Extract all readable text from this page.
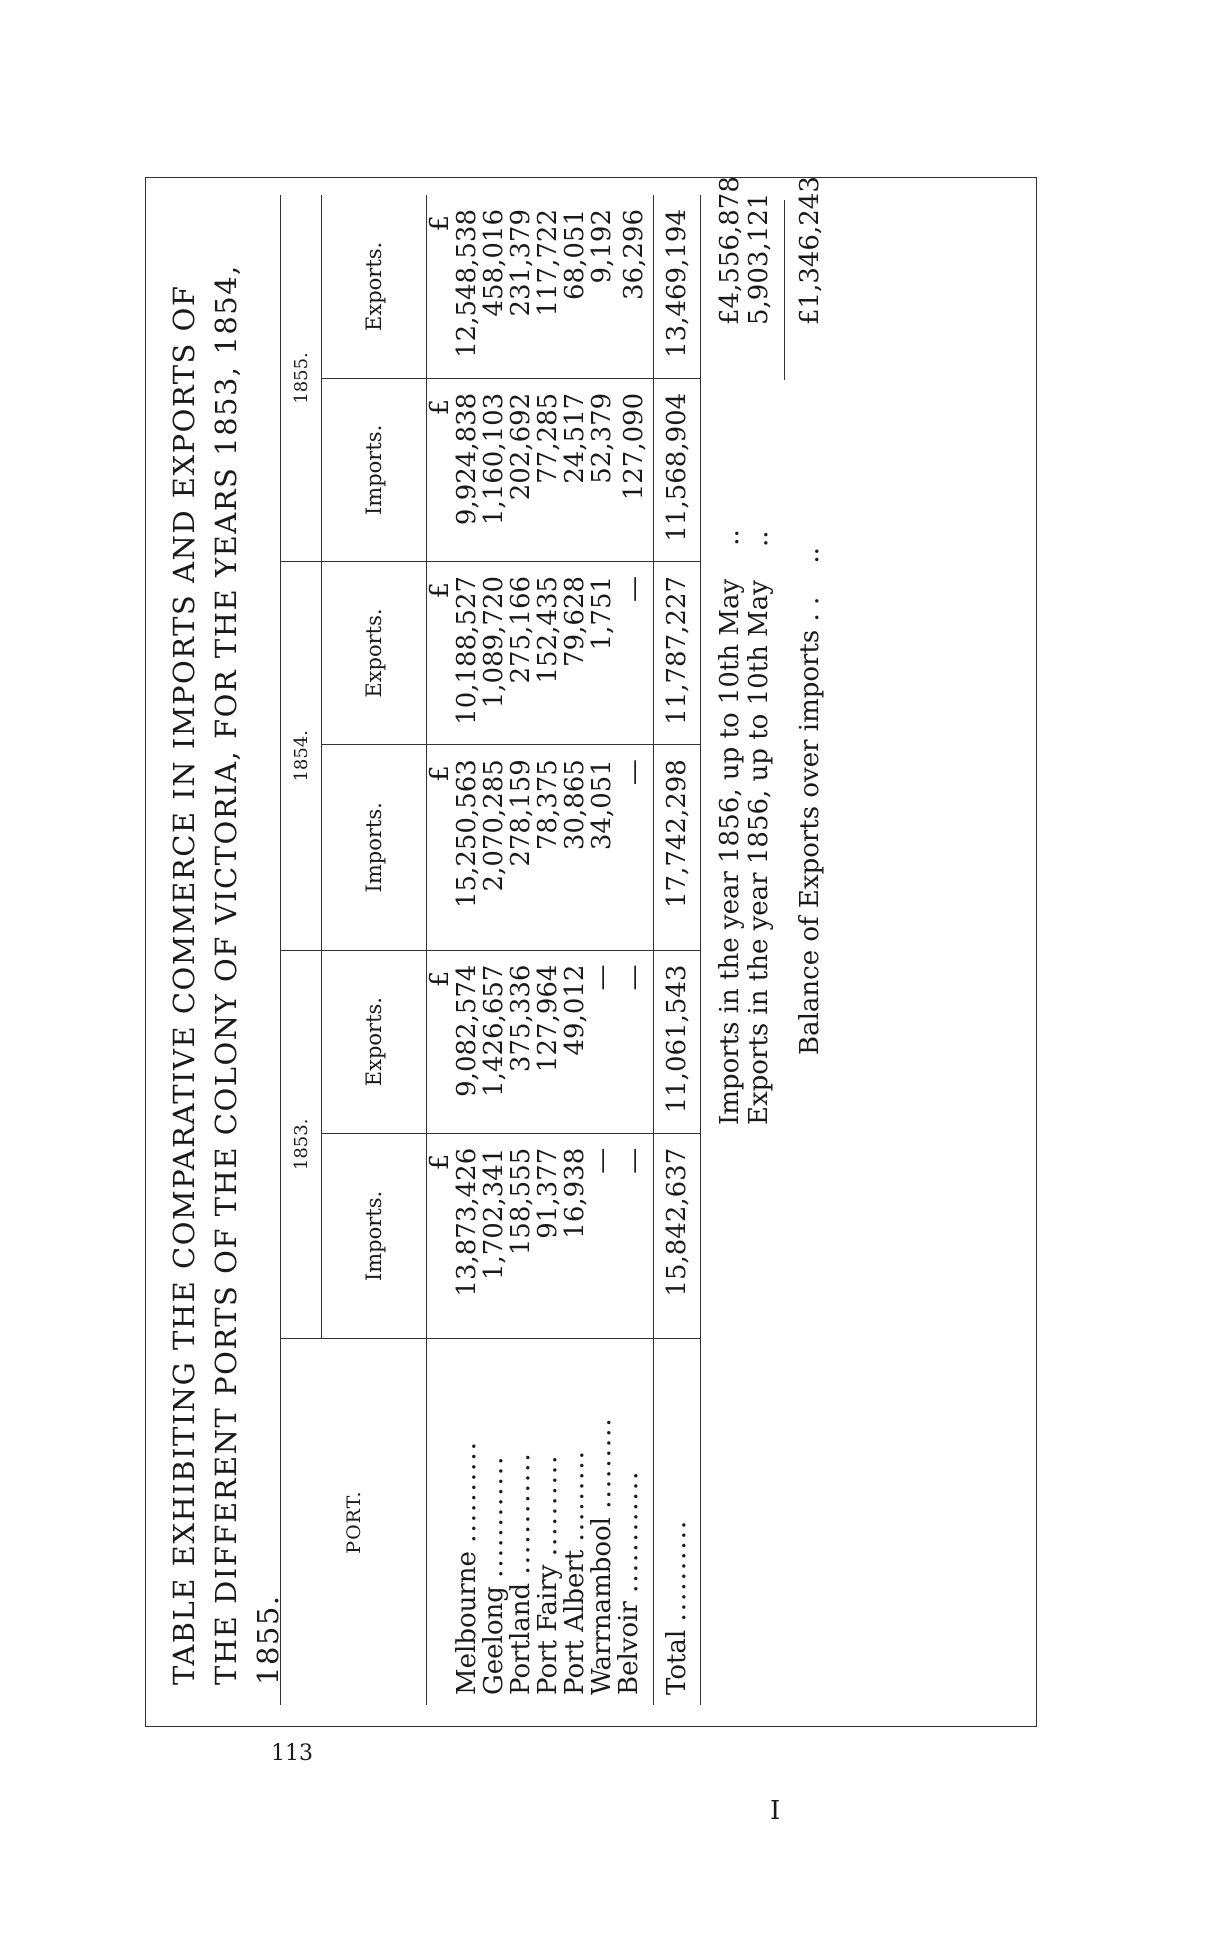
TABLE EXHIBITING THE COMPARATIVE COMMERCE IN IMPORTS AND EXPORTS OF THE DIFFERENT PORTS OF THE COLONY OF VICTORIA, FOR THE YEARS 1853, 1854, 1855.
PORT.	1853.		1854.		1855.	
	Imports.	Exports.	Imports.	Exports.	Imports.	Exports.
	£	£	£	£	£	£
Melbourne ..........	13,873,426	9,082,574	15,250,563	10,188,527	9,924,838	12,548,538
Geelong ............	1,702,341	1,426,657	2,070,285	1,089,720	1,160,103	458,016
Portland ............	158,555	375,336	278,159	275,166	202,692	231,379
Port Fairy ..........	91,377	127,964	78,375	152,435	77,285	117,722
Port Albert .........	16,938	49,012	30,865	79,628	24,517	68,051
Warrnambool .........	—	—	34,051	1,751	52,379	9,192
Belvoir ............	—	—	—	—	127,090	36,296
Total ..........	15,842,637	11,061,543	17,742,298	11,787,227	11,568,904	13,469,194
Imports in the year 1856, up to 10th May    ..
£4,556,878
Exports in the year 1856, up to 10th May    ..
5,903,121
Balance of Exports over imports . .    ..
£1,346,243
113
I
